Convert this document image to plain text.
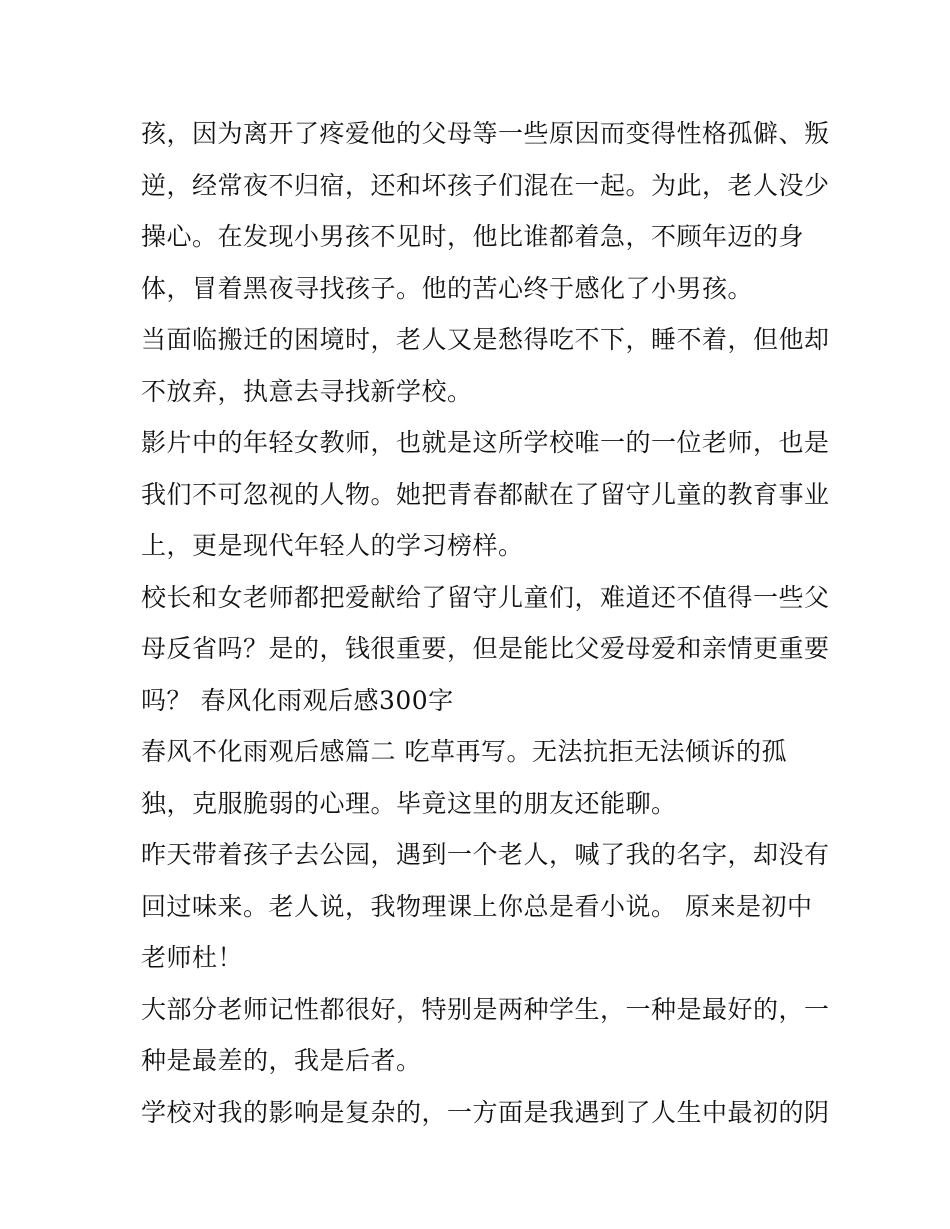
孩，因为离开了疼爱他的父母等一些原因而变得性格孤僻、叛
逆，经常夜不归宿，还和坏孩子们混在一起。为此，老人没少
操心。在发现小男孩不见时，他比谁都着急，不顾年迈的身
体，冒着黑夜寻找孩子。他的苦心终于感化了小男孩。
当面临搬迁的困境时，老人又是愁得吃不下，睡不着，但他却
不放弃，执意去寻找新学校。
影片中的年轻女教师，也就是这所学校唯一的一位老师，也是
我们不可忽视的人物。她把青春都献在了留守儿童的教育事业
上，更是现代年轻人的学习榜样。
校长和女老师都把爱献给了留守儿童们，难道还不值得一些父
母反省吗？是的，钱很重要，但是能比父爱母爱和亲情更重要
吗？ 春风化雨观后感300字
春风不化雨观后感篇二 吃草再写。无法抗拒无法倾诉的孤
独，克服脆弱的心理。毕竟这里的朋友还能聊。
昨天带着孩子去公园，遇到一个老人，喊了我的名字，却没有
回过味来。老人说，我物理课上你总是看小说。 原来是初中
老师杜！
大部分老师记性都很好，特别是两种学生，一种是最好的，一
种是最差的，我是后者。
学校对我的影响是复杂的，一方面是我遇到了人生中最初的阴
